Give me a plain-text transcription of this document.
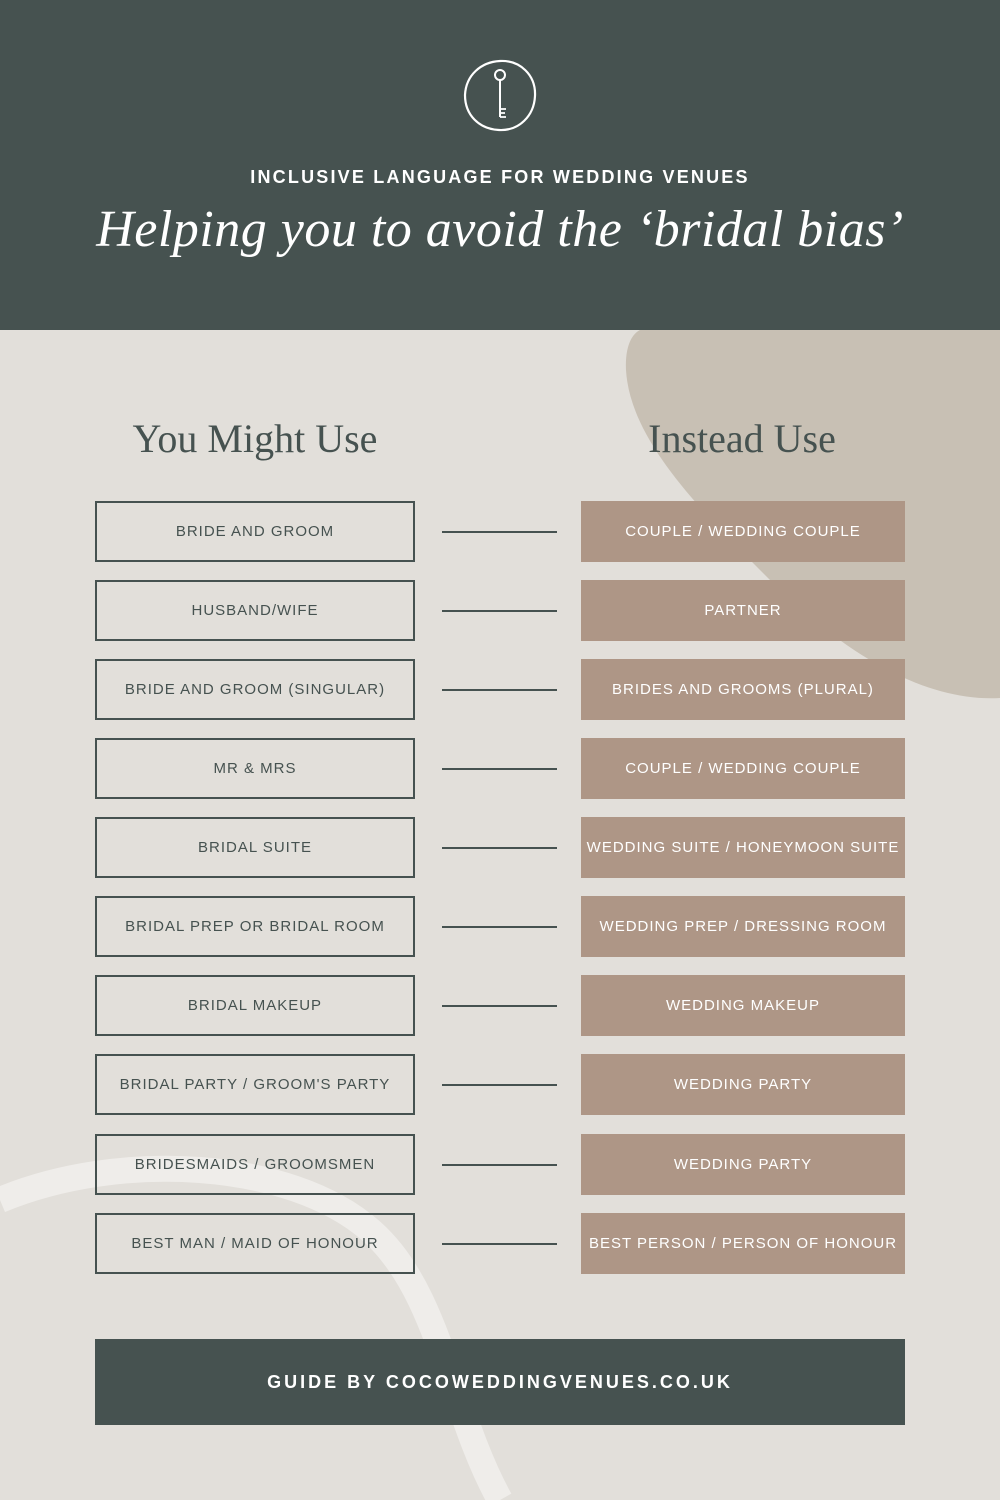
INCLUSIVE LANGUAGE FOR WEDDING VENUES
Helping you to avoid the ‘bridal bias’
You Might Use	Instead Use
BRIDE AND GROOM	COUPLE / WEDDING COUPLE
HUSBAND/WIFE	PARTNER
BRIDE AND GROOM (SINGULAR)	BRIDES AND GROOMS (PLURAL)
MR & MRS	COUPLE / WEDDING COUPLE
BRIDAL SUITE	WEDDING SUITE / HONEYMOON SUITE
BRIDAL PREP OR BRIDAL ROOM	WEDDING PREP / DRESSING ROOM
BRIDAL MAKEUP	WEDDING MAKEUP
BRIDAL PARTY / GROOM'S PARTY	WEDDING PARTY
BRIDESMAIDS / GROOMSMEN	WEDDING PARTY
BEST MAN / MAID OF HONOUR	BEST PERSON / PERSON OF HONOUR
GUIDE BY COCOWEDDINGVENUES.CO.UK
